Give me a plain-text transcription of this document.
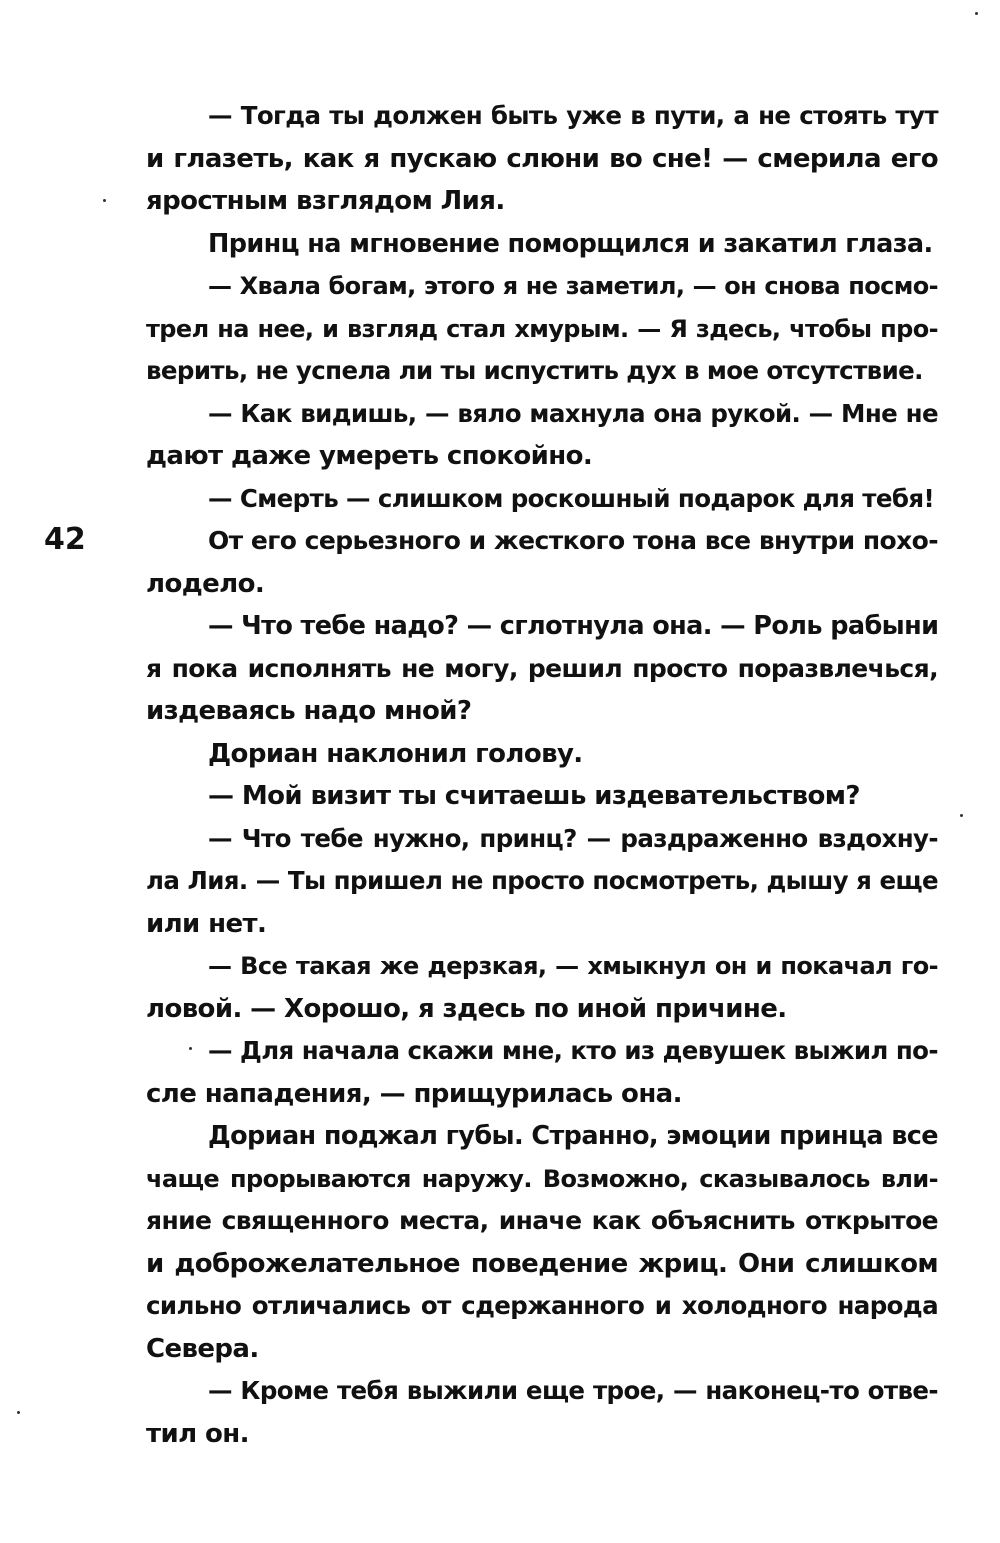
42
— Тогда ты должен быть уже в пути, а не стоять тут
и глазеть, как я пускаю слюни во сне! — смерила его
яростным взглядом Лия.
Принц на мгновение поморщился и закатил глаза.
— Хвала богам, этого я не заметил, — он снова посмо-
трел на нее, и взгляд стал хмурым. — Я здесь, чтобы про-
верить, не успела ли ты испустить дух в мое отсутствие.
— Как видишь, — вяло махнула она рукой. — Мне не
дают даже умереть спокойно.
— Смерть — слишком роскошный подарок для тебя!
От его серьезного и жесткого тона все внутри похо-
лодело.
— Что тебе надо? — сглотнула она. — Роль рабыни
я пока исполнять не могу, решил просто поразвлечься,
издеваясь надо мной?
Дориан наклонил голову.
— Мой визит ты считаешь издевательством?
— Что тебе нужно, принц? — раздраженно вздохну-
ла Лия. — Ты пришел не просто посмотреть, дышу я еще
или нет.
— Все такая же дерзкая, — хмыкнул он и покачал го-
ловой. — Хорошо, я здесь по иной причине.
— Для начала скажи мне, кто из девушек выжил по-
сле нападения, — прищурилась она.
Дориан поджал губы. Странно, эмоции принца все
чаще прорываются наружу. Возможно, сказывалось вли-
яние священного места, иначе как объяснить открытое
и доброжелательное поведение жриц. Они слишком
сильно отличались от сдержанного и холодного народа
Севера.
— Кроме тебя выжили еще трое, — наконец-то отве-
тил он.
